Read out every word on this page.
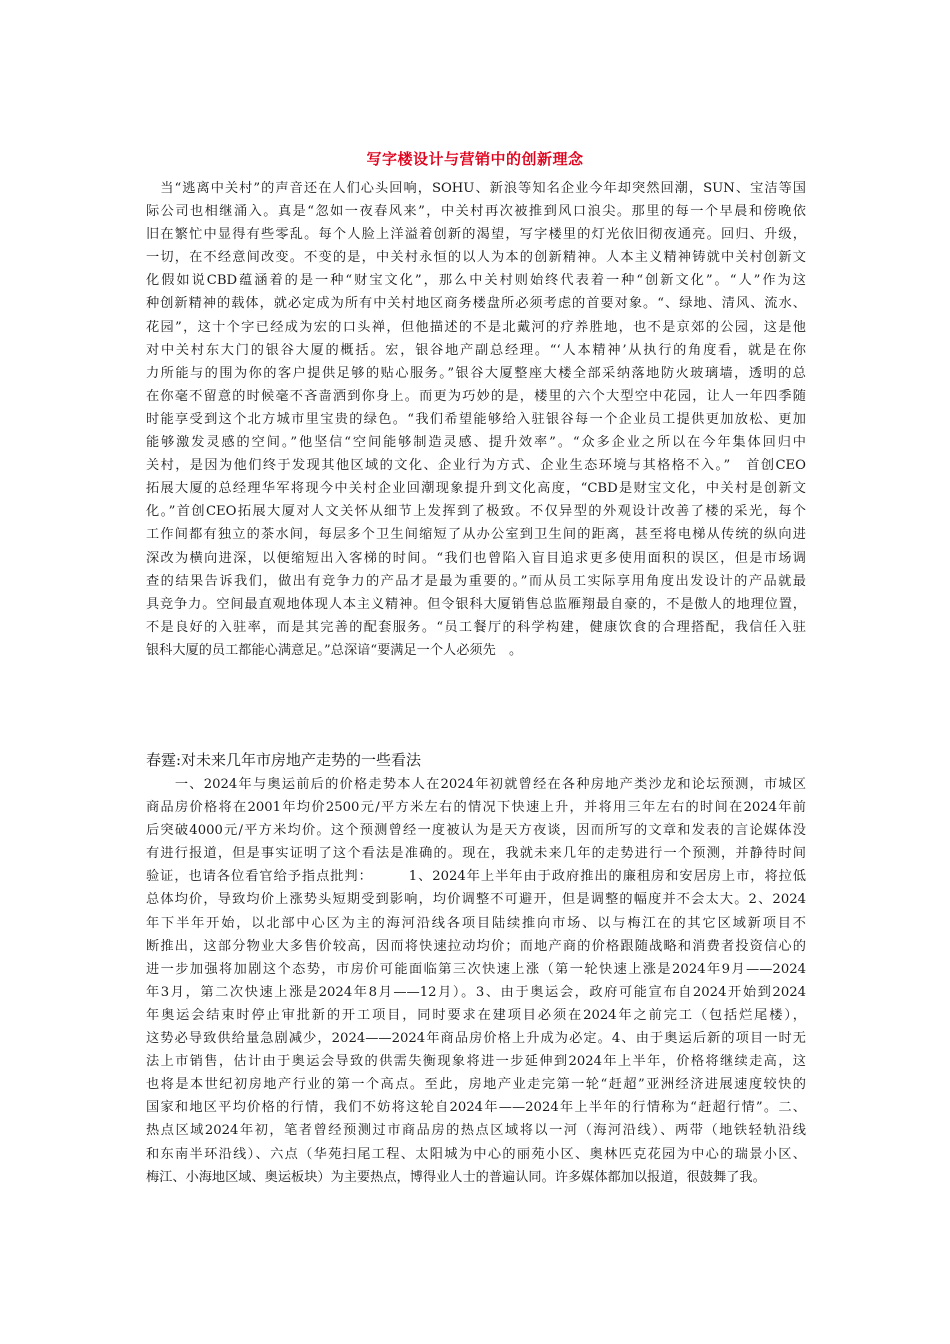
写字楼设计与营销中的创新理念
　当“逃离中关村”的声音还在人们心头回响，SOHU、新浪等知名企业今年却突然回潮，SUN、宝洁等国
际公司也相继涌入。真是“忽如一夜春风来”，中关村再次被推到风口浪尖。那里的每一个早晨和傍晚依
旧在繁忙中显得有些零乱。每个人脸上洋溢着创新的渴望，写字楼里的灯光依旧彻夜通亮。回归、升级，
一切，在不经意间改变。不变的是，中关村永恒的以人为本的创新精神。人本主义精神铸就中关村创新文
化假如说CBD蕴涵着的是一种“财宝文化”，那么中关村则始终代表着一种“创新文化”。“人”作为这
种创新精神的载体，就必定成为所有中关村地区商务楼盘所必须考虑的首要对象。“、绿地、清风、流水、
花园”，这十个字已经成为宏的口头禅，但他描述的不是北戴河的疗养胜地，也不是京郊的公园，这是他
对中关村东大门的银谷大厦的概括。宏，银谷地产副总经理。“‘人本精神’从执行的角度看，就是在你
力所能与的围为你的客户提供足够的贴心服务。”银谷大厦整座大楼全部采纳落地防火玻璃墙，透明的总
在你毫不留意的时候毫不吝啬洒到你身上。而更为巧妙的是，楼里的六个大型空中花园，让人一年四季随
时能享受到这个北方城市里宝贵的绿色。“我们希望能够给入驻银谷每一个企业员工提供更加放松、更加
能够激发灵感的空间。”他坚信“空间能够制造灵感、提升效率”。“众多企业之所以在今年集体回归中
关村，是因为他们终于发现其他区域的文化、企业行为方式、企业生态环境与其格格不入。”　首创CEO
拓展大厦的总经理华军将现今中关村企业回潮现象提升到文化高度，“CBD是财宝文化，中关村是创新文
化。”首创CEO拓展大厦对人文关怀从细节上发挥到了极致。不仅异型的外观设计改善了楼的采光，每个
工作间都有独立的茶水间，每层多个卫生间缩短了从办公室到卫生间的距离，甚至将电梯从传统的纵向进
深改为横向进深，以便缩短出入客梯的时间。“我们也曾陷入盲目追求更多使用面积的误区，但是市场调
查的结果告诉我们，做出有竞争力的产品才是最为重要的。”而从员工实际享用角度出发设计的产品就最
具竞争力。空间最直观地体现人本主义精神。但令银科大厦销售总监雁翔最自豪的，不是傲人的地理位置，
不是良好的入驻率，而是其完善的配套服务。“员工餐厅的科学构建，健康饮食的合理搭配，我信任入驻
银科大厦的员工都能心满意足。”总深谙“要满足一个人必须先　。
春霆:对未来几年市房地产走势的一些看法
　　一、2024年与奥运前后的价格走势本人在2024年初就曾经在各种房地产类沙龙和论坛预测，市城区
商品房价格将在2001年均价2500元/平方米左右的情况下快速上升，并将用三年左右的时间在2024年前
后突破4000元/平方米均价。这个预测曾经一度被认为是天方夜谈，因而所写的文章和发表的言论媒体没
有进行报道，但是事实证明了这个看法是准确的。现在，我就未来几年的走势进行一个预测，并静待时间
验证，也请各位看官给予指点批判：　　　1、2024年上半年由于政府推出的廉租房和安居房上市，将拉低
总体均价，导致均价上涨势头短期受到影响，均价调整不可避开，但是调整的幅度并不会太大。2、2024
年下半年开始，以北部中心区为主的海河沿线各项目陆续推向市场、以与梅江在的其它区域新项目不
断推出，这部分物业大多售价较高，因而将快速拉动均价；而地产商的价格跟随战略和消费者投资信心的
进一步加强将加剧这个态势，市房价可能面临第三次快速上涨（第一轮快速上涨是2024年9月——2024
年3月，第二次快速上涨是2024年8月——12月）。3、由于奥运会，政府可能宣布自2024开始到2024
年奥运会结束时停止审批新的开工项目，同时要求在建项目必须在2024年之前完工（包括烂尾楼），
这势必导致供给量急剧减少，2024——2024年商品房价格上升成为必定。4、由于奥运后新的项目一时无
法上市销售，估计由于奥运会导致的供需失衡现象将进一步延伸到2024年上半年，价格将继续走高，这
也将是本世纪初房地产行业的第一个高点。至此，房地产业走完第一轮“赶超”亚洲经济进展速度较快的
国家和地区平均价格的行情，我们不妨将这轮自2024年——2024年上半年的行情称为“赶超行情”。二、
热点区域2024年初，笔者曾经预测过市商品房的热点区域将以一河（海河沿线）、两带（地铁轻轨沿线
和东南半环沿线）、六点（华苑扫尾工程、太阳城为中心的丽苑小区、奥林匹克花园为中心的瑞景小区、
梅江、小海地区域、奥运板块）为主要热点，博得业人士的普遍认同。许多媒体都加以报道，很鼓舞了我。
